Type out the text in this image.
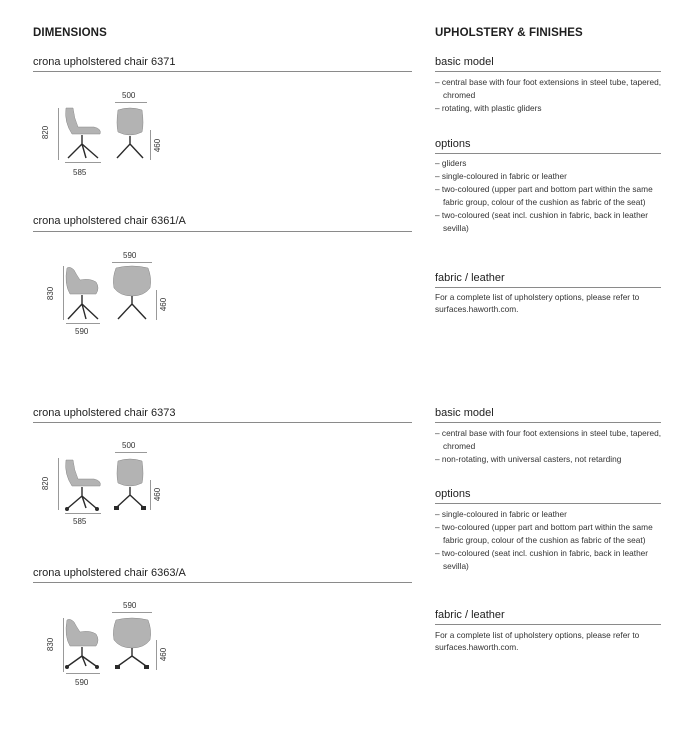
DIMENSIONS	UPHOLSTERY & FINISHES
crona upholstered chair 6371
820
585
500
460
crona upholstered chair 6361/A
830
590
590
460
crona upholstered chair 6373
820
585
500
460
crona upholstered chair 6363/A
830
590
590
460
basic model
– central base with four foot extensions in steel tube, tapered, chromed
– rotating, with plastic gliders
options
– gliders
– single-coloured in fabric or leather
– two-coloured (upper part and bottom part within the same fabric group, colour of the cushion as fabric of the seat)
– two-coloured (seat incl. cushion in fabric, back in leather sevilla)
fabric / leather
For a complete list of upholstery options, please refer to surfaces.haworth.com.
basic model
– central base with four foot extensions in steel tube, tapered, chromed
– non-rotating, with universal casters, not retarding
options
– single-coloured in fabric or leather
– two-coloured (upper part and bottom part within the same fabric group, colour of the cushion as fabric of the seat)
– two-coloured (seat incl. cushion in fabric, back in leather sevilla)
fabric / leather
For a complete list of upholstery options, please refer to surfaces.haworth.com.
